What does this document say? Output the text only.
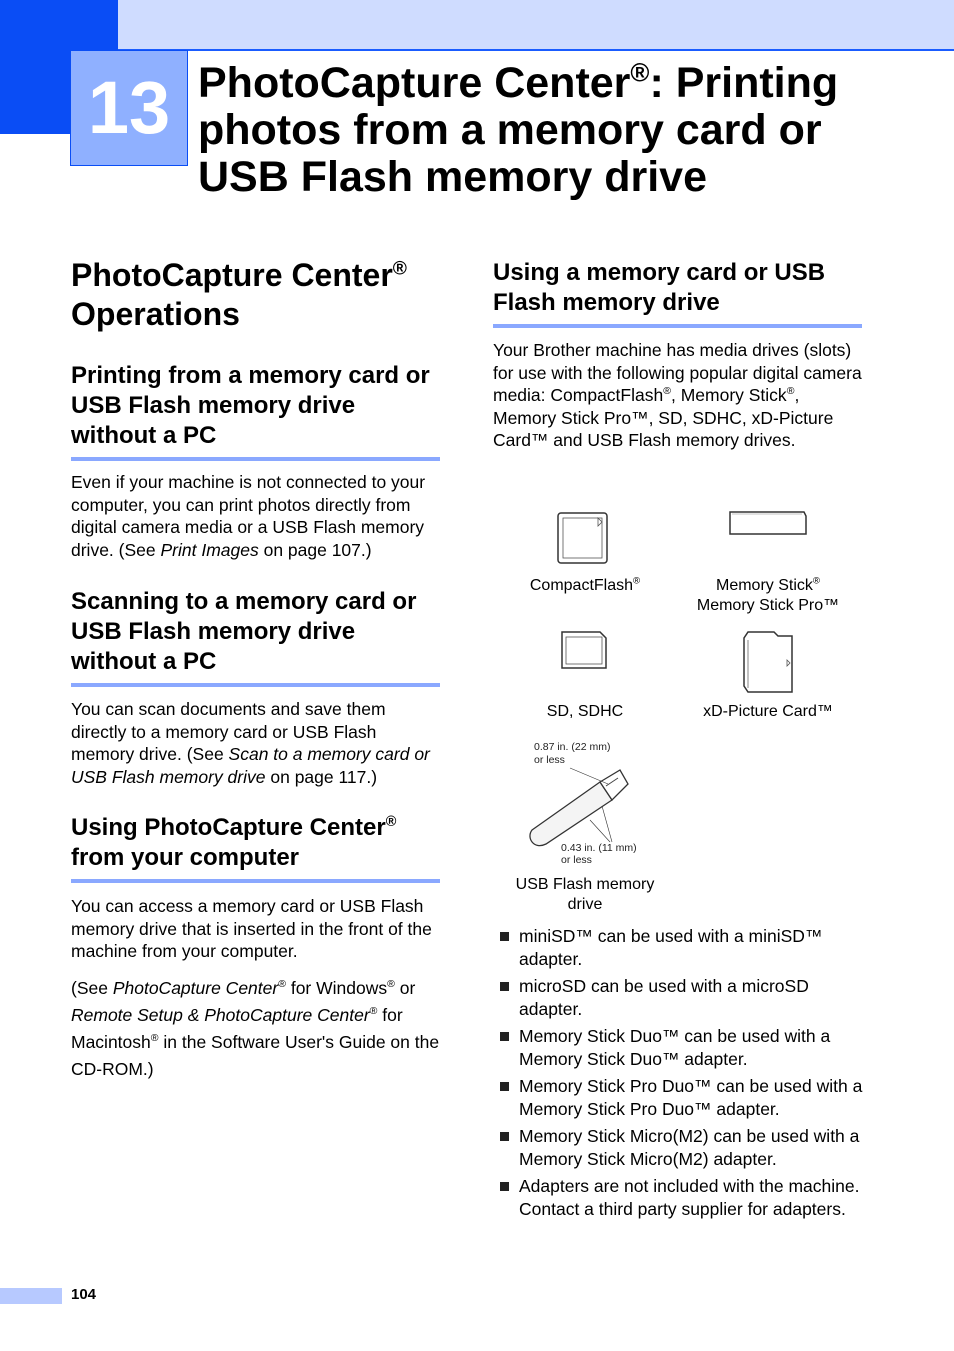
13 PhotoCapture Center®: Printing photos from a memory card or USB Flash memory drive
PhotoCapture Center®
Operations
Printing from a memory card or USB Flash memory drive without a PC

Even if your machine is not connected to your computer, you can print photos directly from digital camera media or a USB Flash memory drive. (See Print Images on page 107.)

Scanning to a memory card or USB Flash memory drive without a PC

You can scan documents and save them directly to a memory card or USB Flash memory drive. (See Scan to a memory card or USB Flash memory drive on page 117.)

Using PhotoCapture Center®
from your computer

You can access a memory card or USB Flash memory drive that is inserted in the front of the machine from your computer.

(See PhotoCapture Center® for Windows® or Remote Setup & PhotoCapture Center® for Macintosh® in the Software User's Guide on the CD-ROM.)

Using a memory card or USB Flash memory drive

Your Brother machine has media drives (slots) for use with the following popular digital camera media: CompactFlash®, Memory Stick®, Memory Stick Pro™, SD, SDHC, xD-Picture Card™ and USB Flash memory drives.

CompactFlash®	Memory Stick®
Memory Stick Pro™
SD, SDHC	xD-Picture Card™
0.87 in. (22 mm)
or less
0.43 in. (11 mm)
or less
USB Flash memory drive
miniSD™ can be used with a miniSD™ adapter.
microSD can be used with a microSD adapter.
Memory Stick Duo™ can be used with a Memory Stick Duo™ adapter.
Memory Stick Pro Duo™ can be used with a Memory Stick Pro Duo™ adapter.
Memory Stick Micro(M2) can be used with a Memory Stick Micro(M2) adapter.
Adapters are not included with the machine. Contact a third party supplier for adapters.
104
